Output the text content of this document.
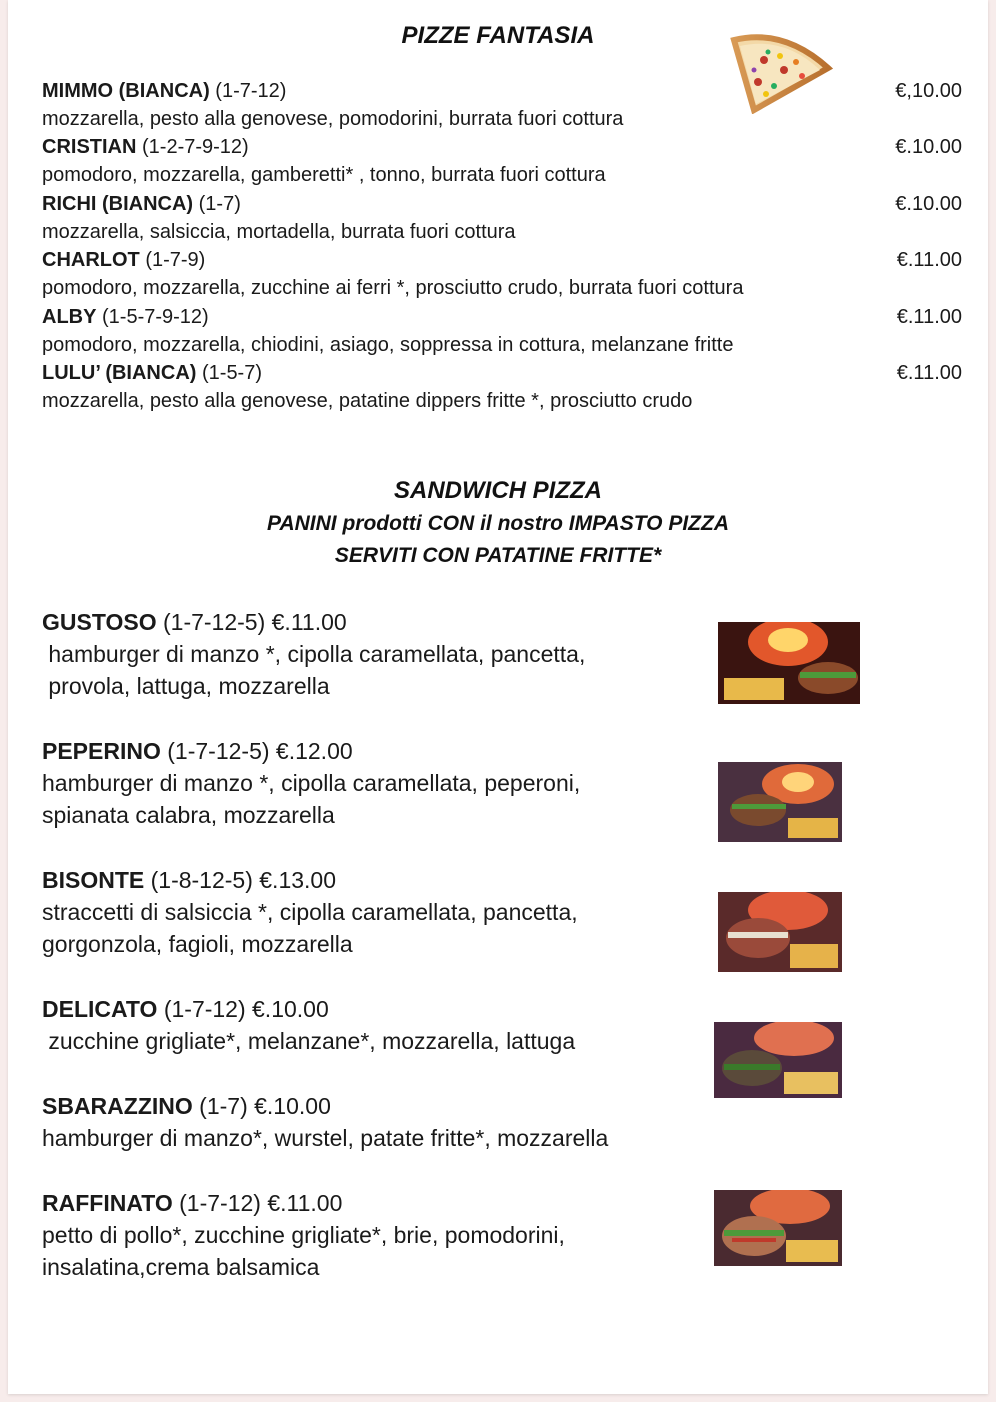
PIZZE FANTASIA
MIMMO (BIANCA) (1-7-12)	€,10.00
mozzarella, pesto alla genovese, pomodorini, burrata fuori cottura
CRISTIAN (1-2-7-9-12)	€.10.00
pomodoro, mozzarella, gamberetti* , tonno, burrata fuori cottura
RICHI (BIANCA) (1-7)	€.10.00
mozzarella, salsiccia, mortadella, burrata fuori cottura
CHARLOT (1-7-9)	€.11.00
pomodoro, mozzarella, zucchine ai ferri *, prosciutto crudo, burrata fuori cottura
ALBY (1-5-7-9-12)	€.11.00
pomodoro, mozzarella, chiodini, asiago, soppressa in cottura, melanzane fritte
LULU’ (BIANCA) (1-5-7)	€.11.00
mozzarella, pesto alla genovese, patatine dippers fritte *, prosciutto crudo
SANDWICH PIZZA
PANINI prodotti CON il nostro IMPASTO PIZZA
SERVITI CON PATATINE FRITTE*
GUSTOSO (1-7-12-5) €.11.00
hamburger di manzo *, cipolla caramellata, pancetta,
provola, lattuga, mozzarella
PEPERINO (1-7-12-5) €.12.00
hamburger di manzo *, cipolla caramellata, peperoni,
spianata calabra, mozzarella
BISONTE (1-8-12-5) €.13.00
straccetti di salsiccia *, cipolla caramellata, pancetta,
gorgonzola, fagioli, mozzarella
DELICATO (1-7-12) €.10.00
zucchine grigliate*, melanzane*, mozzarella, lattuga
SBARAZZINO (1-7) €.10.00
hamburger di manzo*, wurstel, patate fritte*, mozzarella
RAFFINATO (1-7-12) €.11.00
petto di pollo*, zucchine grigliate*, brie, pomodorini,
insalatina,crema balsamica
